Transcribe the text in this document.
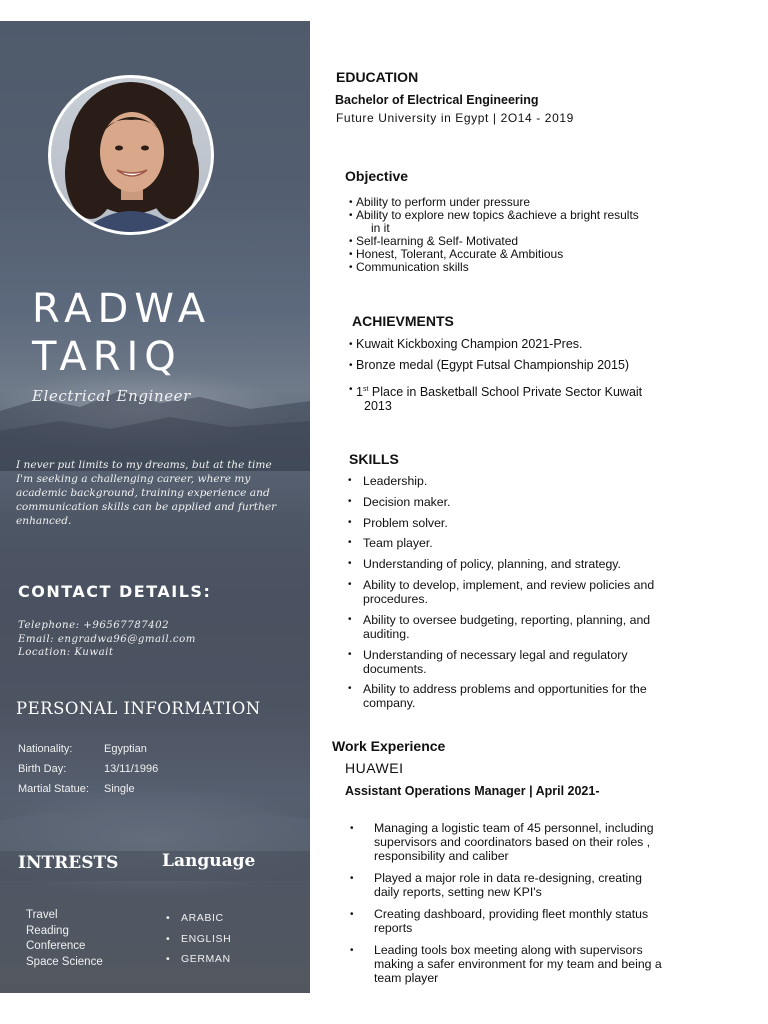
RADWA
TARIQ
Electrical Engineer
I never put limits to my dreams, but at the time I'm seeking a challenging career, where my academic background, training experience and communication skills can be applied and further enhanced.
CONTACT DETAILS:
Telephone: +96567787402
Email: engradwa96@gmail.com
Location: Kuwait
PERSONAL INFORMATION
Nationality:	Egyptian
Birth Day:	13/11/1996
Martial Statue: Single
INTRESTS	Language
Travel
Reading
Conference
Space Science
• ARABIC
• ENGLISH
• GERMAN
EDUCATION
Bachelor of Electrical Engineering
Future University in Egypt | 2O14 - 2019
Objective
• Ability to perform under pressure
• Ability to explore new topics &achieve a bright results
in it
• Self-learning & Self- Motivated
• Honest, Tolerant, Accurate & Ambitious
• Communication skills
ACHIEVMENTS
• Kuwait Kickboxing Champion 2021-Pres.
• Bronze medal (Egypt Futsal Championship 2015)
• 1st Place in Basketball School Private Sector Kuwait
2013
SKILLS
• Leadership.
• Decision maker.
• Problem solver.
• Team player.
• Understanding of policy, planning, and strategy.
• Ability to develop, implement, and review policies and procedures.
• Ability to oversee budgeting, reporting, planning, and auditing.
• Understanding of necessary legal and regulatory documents.
• Ability to address problems and opportunities for the company.
Work Experience
HUAWEI
Assistant Operations Manager | April 2021-
• Managing a logistic team of 45 personnel, including supervisors and coordinators based on their roles , responsibility and caliber
• Played a major role in data re-designing, creating daily reports, setting new KPI's
• Creating dashboard, providing fleet monthly status reports
• Leading tools box meeting along with supervisors making a safer environment for my team and being a team player
